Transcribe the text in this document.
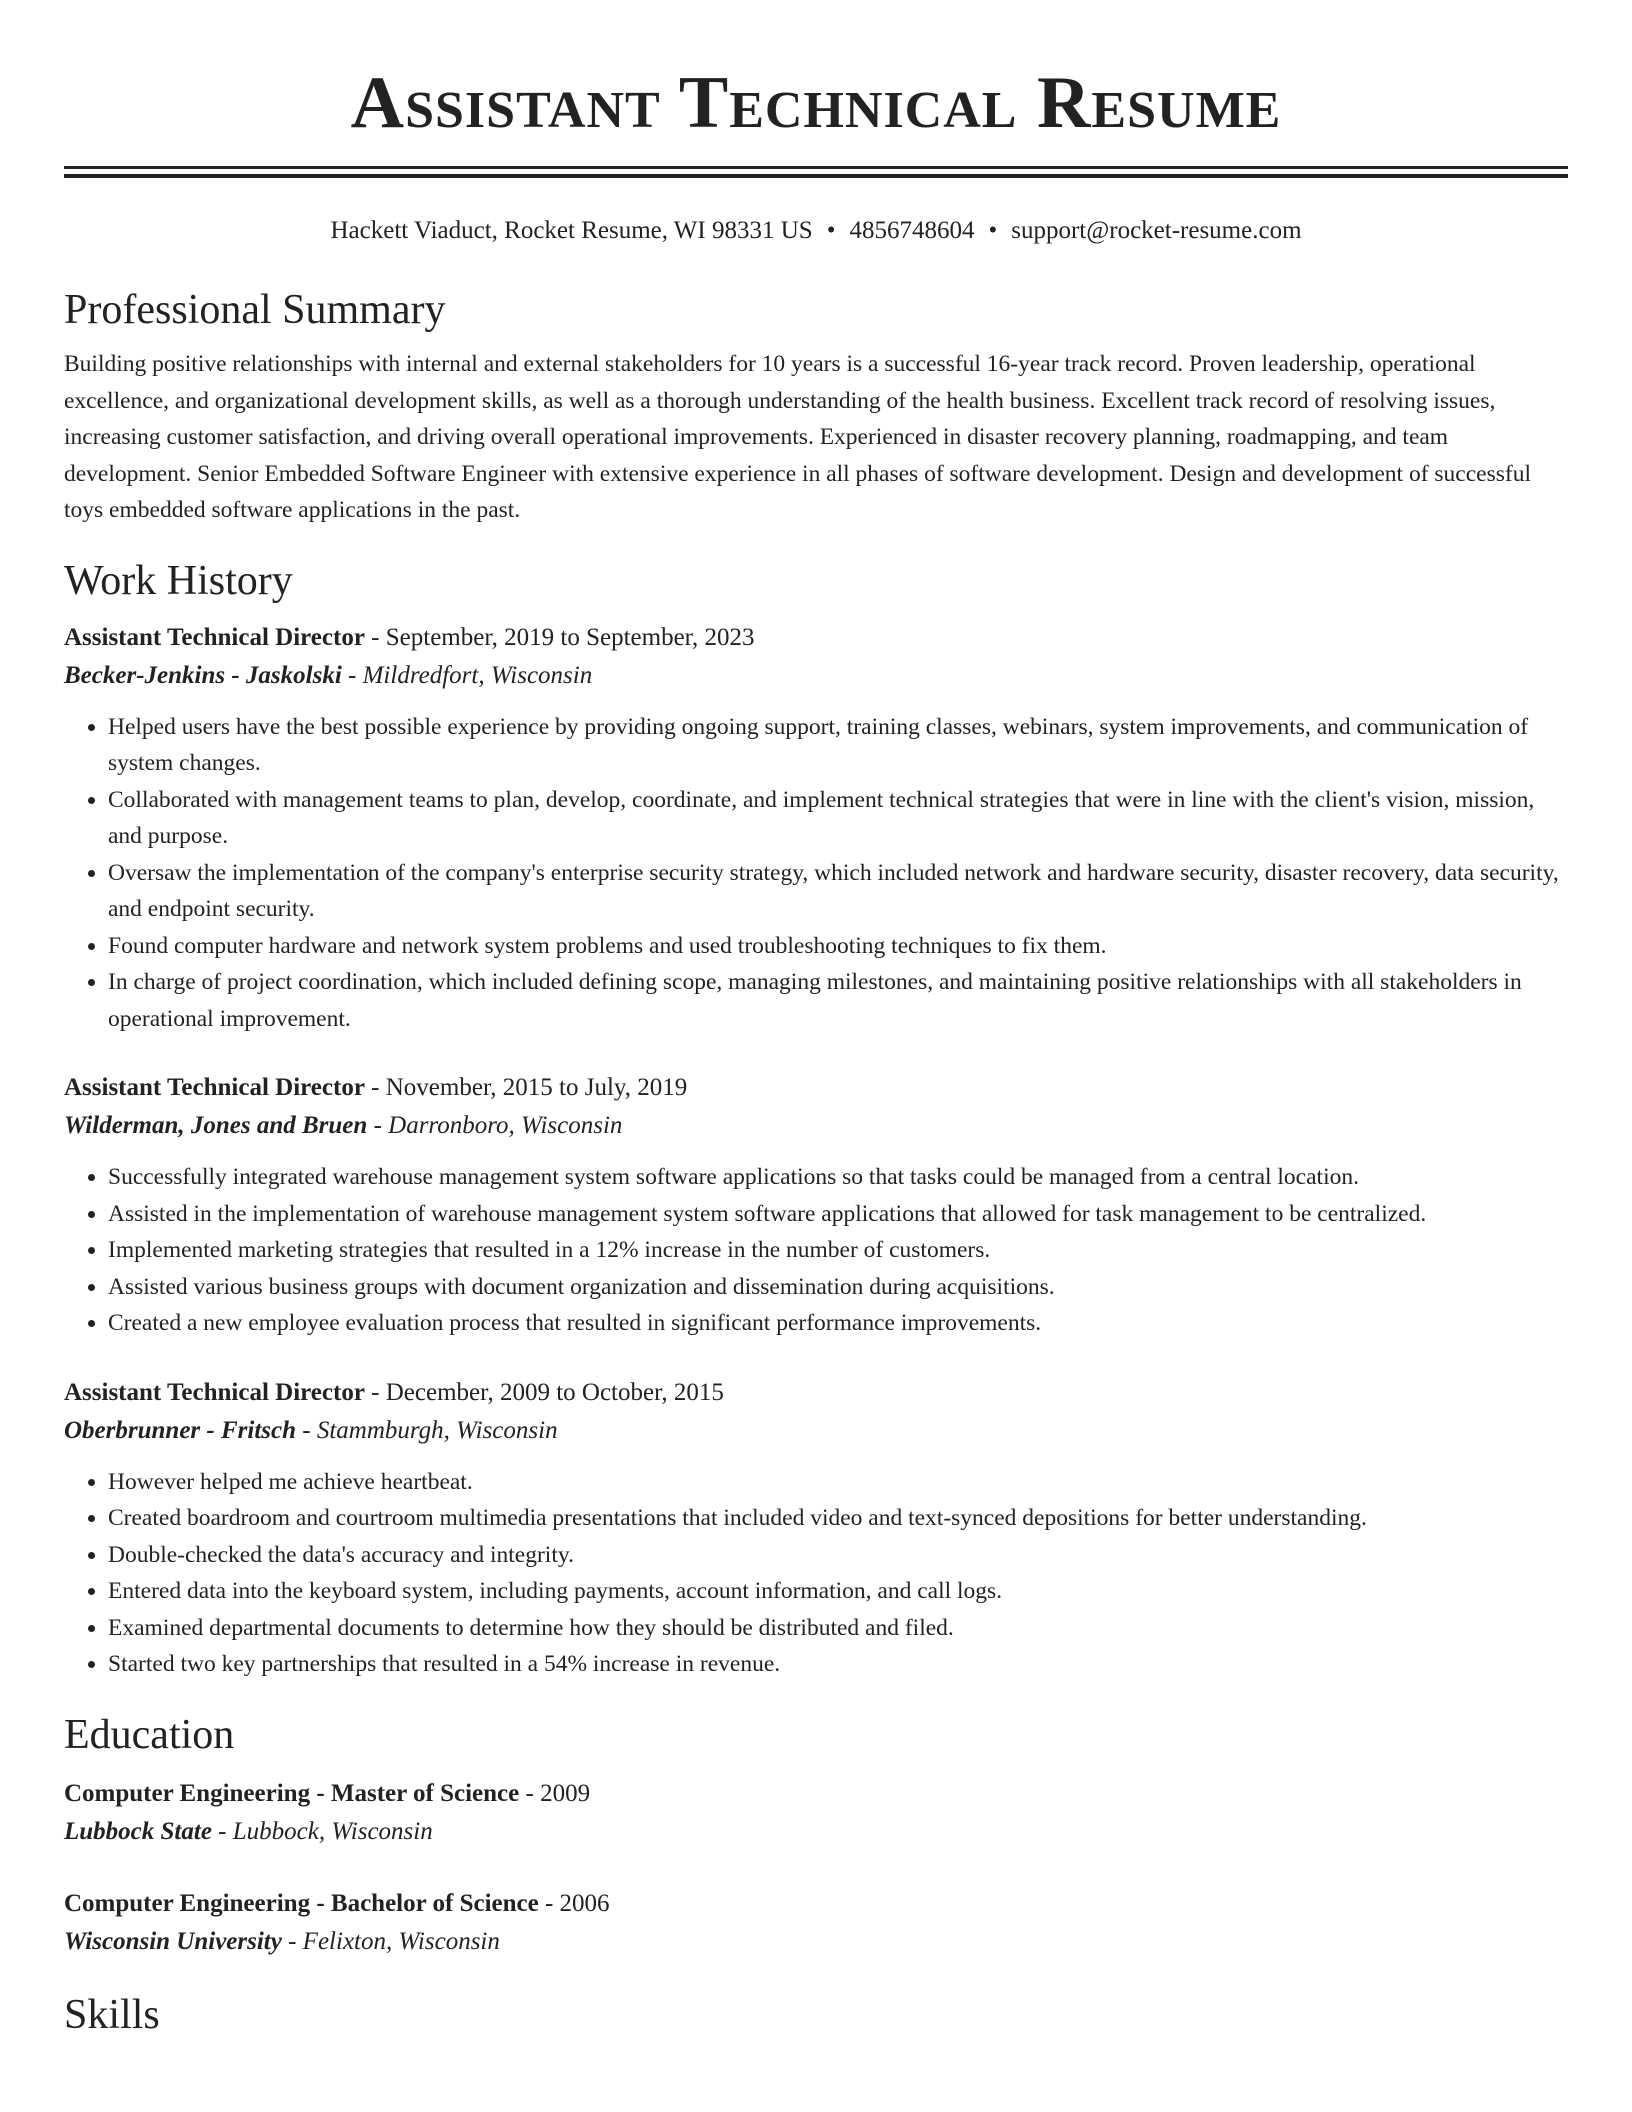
Assistant Technical Resume
Hackett Viaduct, Rocket Resume, WI 98331 US • 4856748604 • support@rocket-resume.com
Professional Summary

Building positive relationships with internal and external stakeholders for 10 years is a successful 16-year track record. Proven leadership, operational excellence, and organizational development skills, as well as a thorough understanding of the health business. Excellent track record of resolving issues, increasing customer satisfaction, and driving overall operational improvements. Experienced in disaster recovery planning, roadmapping, and team development. Senior Embedded Software Engineer with extensive experience in all phases of software development. Design and development of successful toys embedded software applications in the past.

Work History
Assistant Technical Director - September, 2019 to September, 2023
Becker-Jenkins - Jaskolski - Mildredfort, Wisconsin
• Helped users have the best possible experience by providing ongoing support, training classes, webinars, system improvements, and communication of system changes.
• Collaborated with management teams to plan, develop, coordinate, and implement technical strategies that were in line with the client's vision, mission, and purpose.
• Oversaw the implementation of the company's enterprise security strategy, which included network and hardware security, disaster recovery, data security, and endpoint security.
• Found computer hardware and network system problems and used troubleshooting techniques to fix them.
• In charge of project coordination, which included defining scope, managing milestones, and maintaining positive relationships with all stakeholders in operational improvement.
Assistant Technical Director - November, 2015 to July, 2019
Wilderman, Jones and Bruen - Darronboro, Wisconsin
• Successfully integrated warehouse management system software applications so that tasks could be managed from a central location.
• Assisted in the implementation of warehouse management system software applications that allowed for task management to be centralized.
• Implemented marketing strategies that resulted in a 12% increase in the number of customers.
• Assisted various business groups with document organization and dissemination during acquisitions.
• Created a new employee evaluation process that resulted in significant performance improvements.
Assistant Technical Director - December, 2009 to October, 2015
Oberbrunner - Fritsch - Stammburgh, Wisconsin
• However helped me achieve heartbeat.
• Created boardroom and courtroom multimedia presentations that included video and text-synced depositions for better understanding.
• Double-checked the data's accuracy and integrity.
• Entered data into the keyboard system, including payments, account information, and call logs.
• Examined departmental documents to determine how they should be distributed and filed.
• Started two key partnerships that resulted in a 54% increase in revenue.
Education
Computer Engineering - Master of Science - 2009
Lubbock State - Lubbock, Wisconsin
Computer Engineering - Bachelor of Science - 2006
Wisconsin University - Felixton, Wisconsin
Skills
